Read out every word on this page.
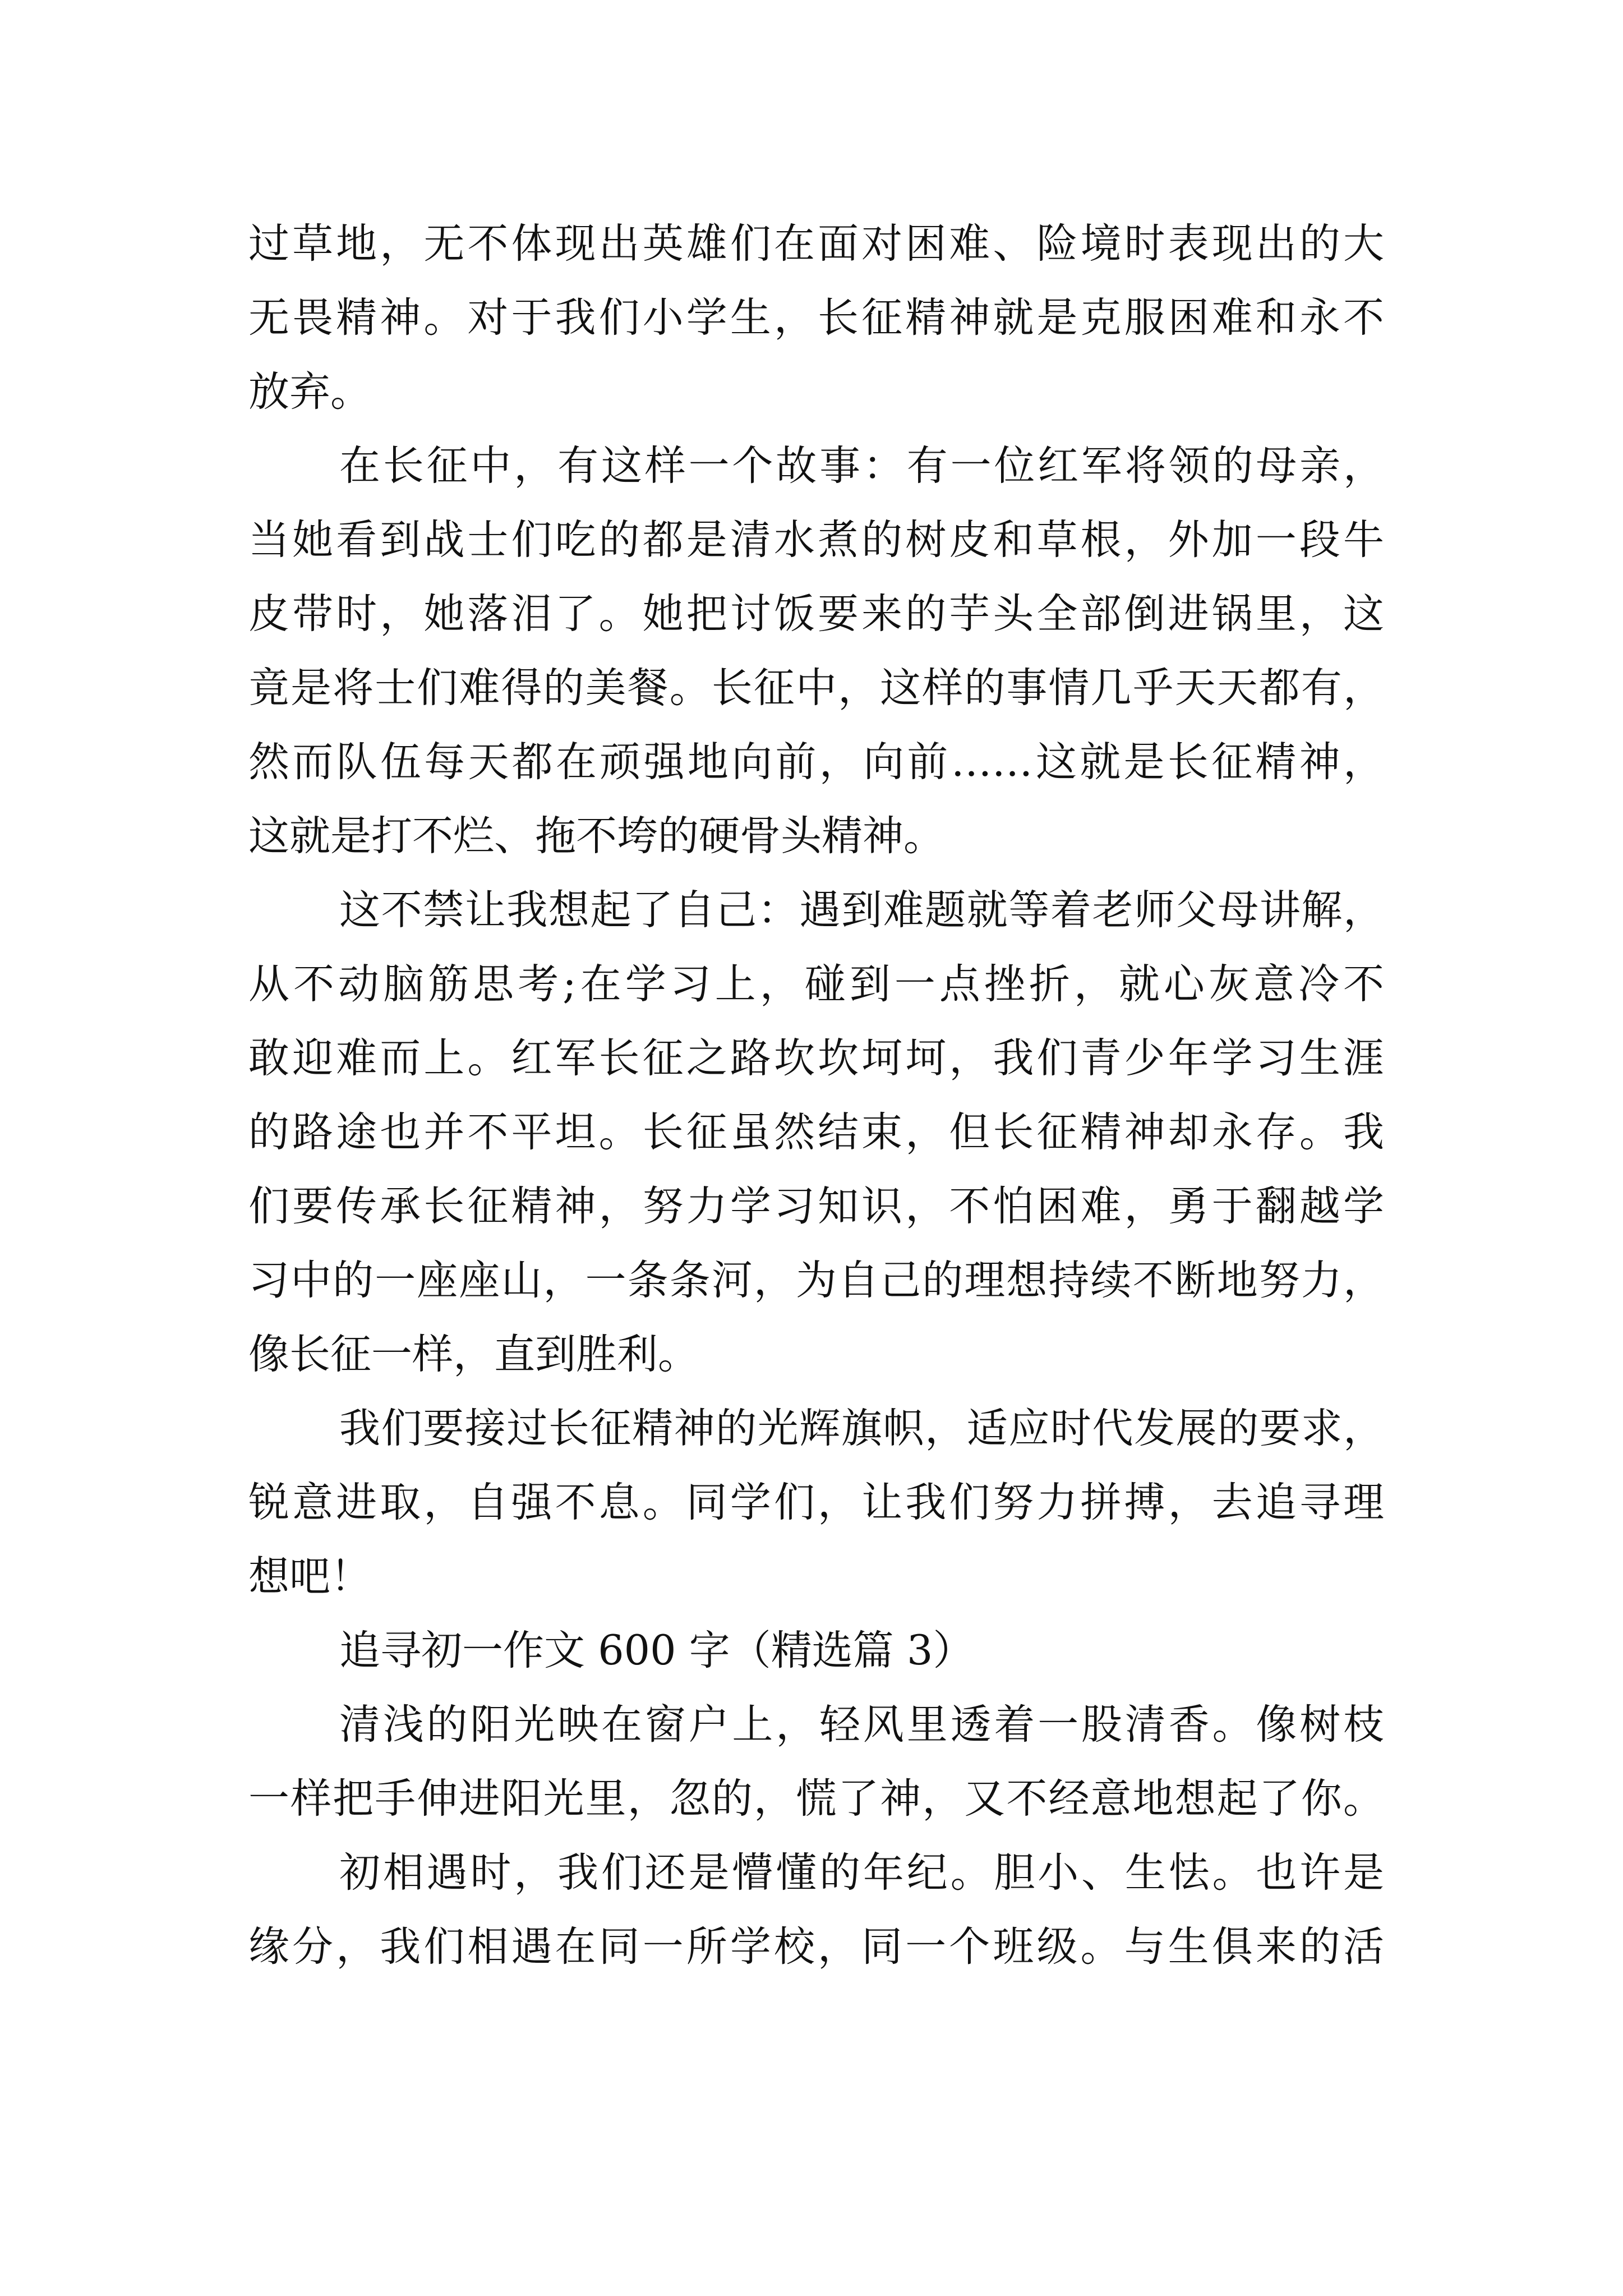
过草地，无不体现出英雄们在面对困难、险境时表现出的大
无畏精神。对于我们小学生，长征精神就是克服困难和永不
放弃。
在长征中，有这样一个故事：有一位红军将领的母亲，
当她看到战士们吃的都是清水煮的树皮和草根，外加一段牛
皮带时，她落泪了。她把讨饭要来的芋头全部倒进锅里，这
竟是将士们难得的美餐。长征中，这样的事情几乎天天都有，
然而队伍每天都在顽强地向前，向前……这就是长征精神，
这就是打不烂、拖不垮的硬骨头精神。
这不禁让我想起了自己：遇到难题就等着老师父母讲解，
从不动脑筋思考;在学习上，碰到一点挫折，就心灰意冷不
敢迎难而上。红军长征之路坎坎坷坷，我们青少年学习生涯
的路途也并不平坦。长征虽然结束，但长征精神却永存。我
们要传承长征精神，努力学习知识，不怕困难，勇于翻越学
习中的一座座山，一条条河，为自己的理想持续不断地努力，
像长征一样，直到胜利。
我们要接过长征精神的光辉旗帜，适应时代发展的要求，
锐意进取，自强不息。同学们，让我们努力拼搏，去追寻理
想吧！
追寻初一作文 600 字（精选篇 3）
清浅的阳光映在窗户上，轻风里透着一股清香。像树枝
一样把手伸进阳光里，忽的，慌了神，又不经意地想起了你。
初相遇时，我们还是懵懂的年纪。胆小、生怯。也许是
缘分，我们相遇在同一所学校，同一个班级。与生俱来的活
